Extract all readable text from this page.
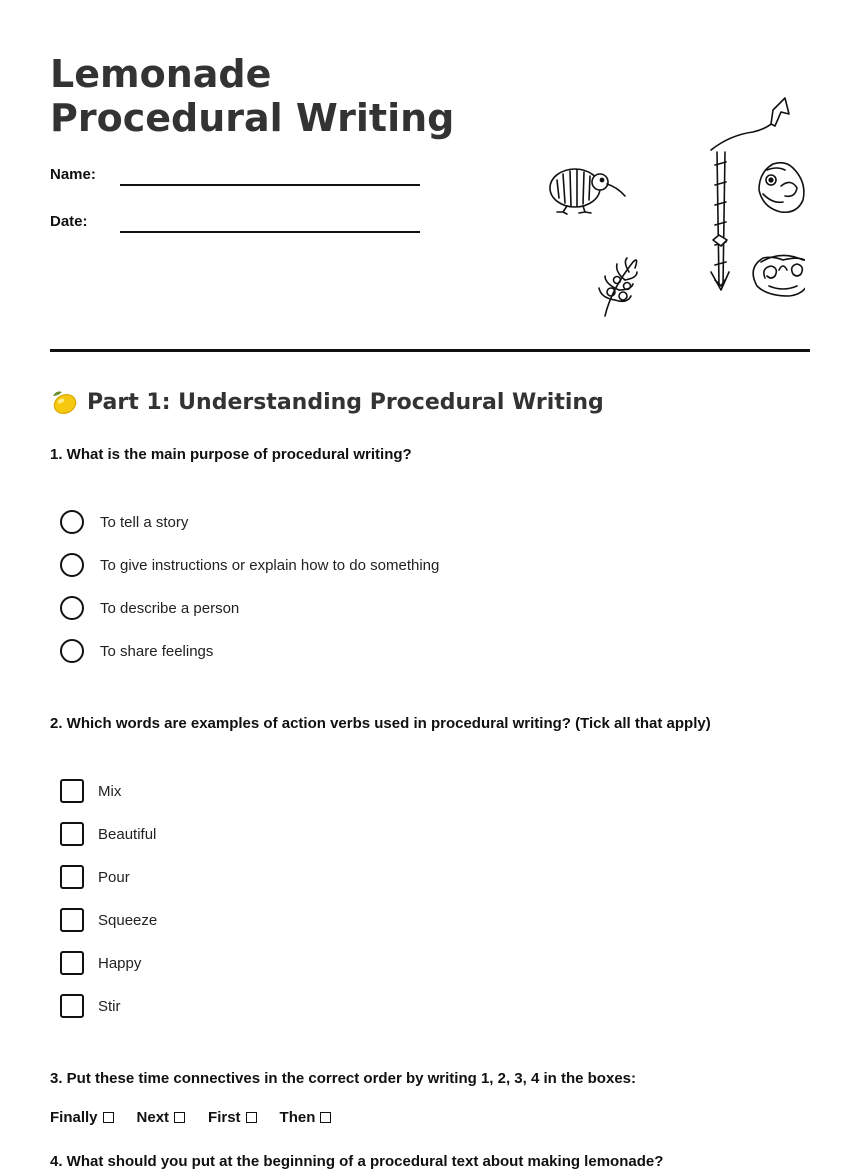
Lemonade Procedural Writing
Name:
Date:
Part 1: Understanding Procedural Writing
1. What is the main purpose of procedural writing?
To tell a story
To give instructions or explain how to do something
To describe a person
To share feelings
2. Which words are examples of action verbs used in procedural writing? (Tick all that apply)
Mix
Beautiful
Pour
Squeeze
Happy
Stir
3. Put these time connectives in the correct order by writing 1, 2, 3, 4 in the boxes:
Finally	Next	First	Then
4. What should you put at the beginning of a procedural text about making lemonade?
